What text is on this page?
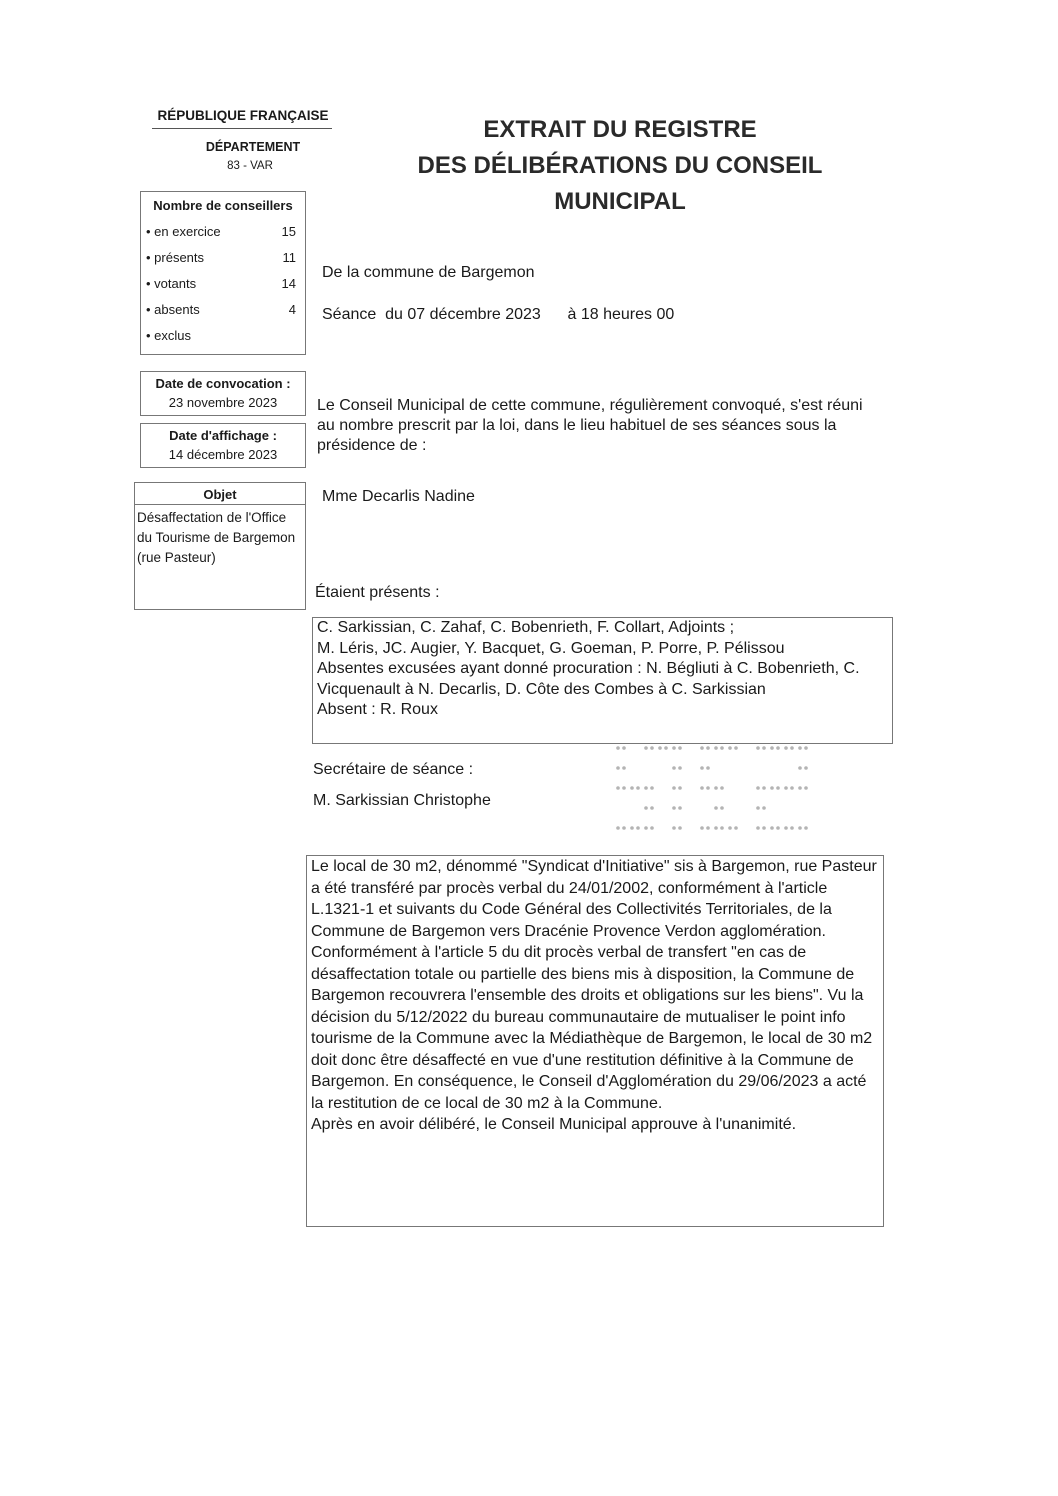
RÉPUBLIQUE FRANÇAISE
DÉPARTEMENT
83 - VAR
EXTRAIT DU REGISTRE
DES DÉLIBÉRATIONS DU CONSEIL
MUNICIPAL
Nombre de conseillers
• en exercice	15
• présents	11
• votants	14
• absents	4
• exclus
Date de convocation :
23 novembre 2023
Date d'affichage :
14 décembre 2023
Objet
Désaffectation de l'Office du Tourisme de Bargemon (rue Pasteur)
De la commune de Bargemon
Séance  du 07 décembre 2023      à 18 heures 00
Le Conseil Municipal de cette commune, régulièrement convoqué, s'est réuni au nombre prescrit par la loi, dans le lieu habituel de ses séances sous la présidence de :
Mme Decarlis Nadine
Étaient présents :
C. Sarkissian, C. Zahaf, C. Bobenrieth, F. Collart, Adjoints ;
M. Léris, JC. Augier, Y. Bacquet, G. Goeman, P. Porre, P. Pélissou
Absentes excusées ayant donné procuration : N. Bégliuti à C. Bobenrieth, C. Vicquenault à N. Decarlis, D. Côte des Combes à C. Sarkissian
Absent : R. Roux
Secrétaire de séance :
M. Sarkissian Christophe

Le local de 30 m2, dénommé "Syndicat d'Initiative" sis à Bargemon, rue Pasteur a été transféré par procès verbal du 24/01/2002, conformément à l'article L.1321-1 et suivants du Code Général des Collectivités Territoriales, de la Commune de Bargemon vers Dracénie Provence Verdon agglomération.

Conformément à l'article 5 du dit procès verbal de transfert "en cas de désaffectation totale ou partielle des biens mis à disposition, la Commune de Bargemon recouvrera l'ensemble des droits et obligations sur les biens". Vu la décision du 5/12/2022 du bureau communautaire de mutualiser le point info tourisme de la Commune avec la Médiathèque de Bargemon, le local de 30 m2 doit donc être désaffecté en vue d'une restitution définitive à la Commune de Bargemon. En conséquence, le Conseil d'Agglomération du 29/06/2023 a acté la restitution de ce local de 30 m2 à la Commune.

Après en avoir délibéré, le Conseil Municipal approuve à l'unanimité.
